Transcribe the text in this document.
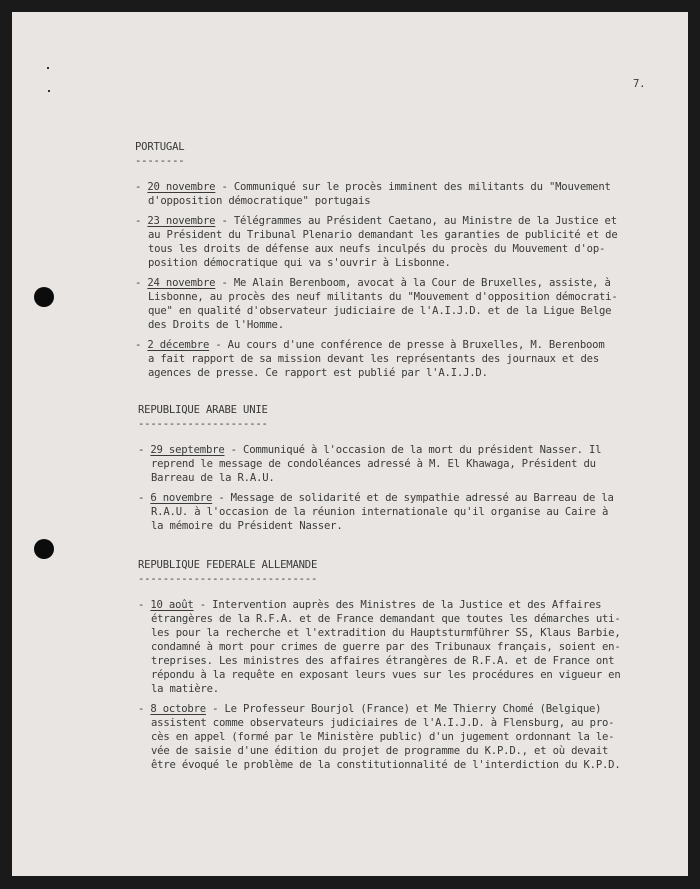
7.
PORTUGAL
--------
- 20 novembre - Communiqué sur le procès imminent des militants du "Mouvement
d'opposition démocratique" portugais
- 23 novembre - Télégrammes au Président Caetano, au Ministre de la Justice et
au Président du Tribunal Plenario demandant les garanties de publicité et de
tous les droits de défense aux neufs inculpés du procès du Mouvement d'op-
position démocratique qui va s'ouvrir à Lisbonne.
- 24 novembre - Me Alain Berenboom, avocat à la Cour de Bruxelles, assiste, à
Lisbonne, au procès des neuf militants du "Mouvement d'opposition démocrati-
que" en qualité d'observateur judiciaire de l'A.I.J.D. et de la Ligue Belge
des Droits de l'Homme.
- 2 décembre - Au cours d'une conférence de presse à Bruxelles, M. Berenboom
a fait rapport de sa mission devant les représentants des journaux et des
agences de presse. Ce rapport est publié par l'A.I.J.D.
REPUBLIQUE ARABE UNIE
---------------------
- 29 septembre - Communiqué à l'occasion de la mort du président Nasser. Il
reprend le message de condoléances adressé à M. El Khawaga, Président du
Barreau de la R.A.U.
- 6 novembre - Message de solidarité et de sympathie adressé au Barreau de la
R.A.U. à l'occasion de la réunion internationale qu'il organise au Caire à
la mémoire du Président Nasser.
REPUBLIQUE FEDERALE ALLEMANDE
-----------------------------
- 10 août - Intervention auprès des Ministres de la Justice et des Affaires
étrangères de la R.F.A. et de France demandant que toutes les démarches uti-
les pour la recherche et l'extradition du Hauptsturmführer SS, Klaus Barbie,
condamné à mort pour crimes de guerre par des Tribunaux français, soient en-
treprises. Les ministres des affaires étrangères de R.F.A. et de France ont
répondu à la requête en exposant leurs vues sur les procédures en vigueur en
la matière.
- 8 octobre - Le Professeur Bourjol (France) et Me Thierry Chomé (Belgique)
assistent comme observateurs judiciaires de l'A.I.J.D. à Flensburg, au pro-
cès en appel (formé par le Ministère public) d'un jugement ordonnant la le-
vée de saisie d'une édition du projet de programme du K.P.D., et où devait
être évoqué le problème de la constitutionnalité de l'interdiction du K.P.D.
